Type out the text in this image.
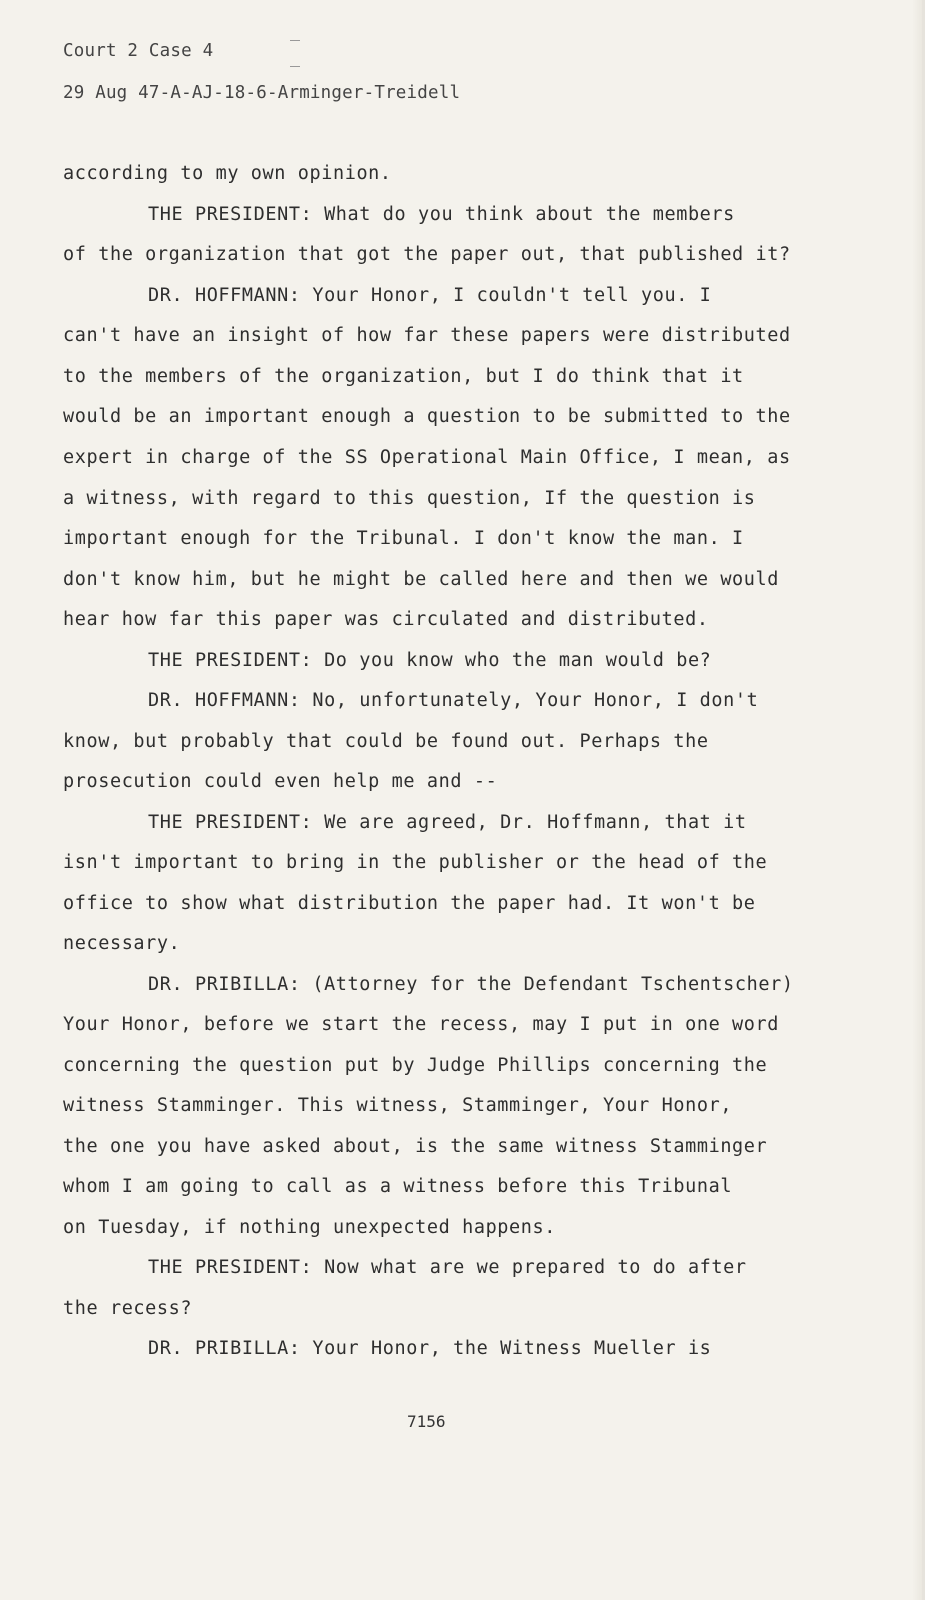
Court 2 Case 4
29 Aug 47-A-AJ-18-6-Arminger-Treidell
according to my own opinion.
THE PRESIDENT: What do you think about the members
of the organization that got the paper out, that published it?
DR. HOFFMANN: Your Honor, I couldn't tell you. I
can't have an insight of how far these papers were distributed
to the members of the organization, but I do think that it
would be an important enough a question to be submitted to the
expert in charge of the SS Operational Main Office, I mean, as
a witness, with regard to this question, If the question is
important enough for the Tribunal. I don't know the man. I
don't know him, but he might be called here and then we would
hear how far this paper was circulated and distributed.
THE PRESIDENT: Do you know who the man would be?
DR. HOFFMANN: No, unfortunately, Your Honor, I don't
know, but probably that could be found out. Perhaps the
prosecution could even help me and --
THE PRESIDENT: We are agreed, Dr. Hoffmann, that it
isn't important to bring in the publisher or the head of the
office to show what distribution the paper had. It won't be
necessary.
DR. PRIBILLA: (Attorney for the Defendant Tschentscher)
Your Honor, before we start the recess, may I put in one word
concerning the question put by Judge Phillips concerning the
witness Stamminger. This witness, Stamminger, Your Honor,
the one you have asked about, is the same witness Stamminger
whom I am going to call as a witness before this Tribunal
on Tuesday, if nothing unexpected happens.
THE PRESIDENT: Now what are we prepared to do after
the recess?
DR. PRIBILLA: Your Honor, the Witness Mueller is
7156
